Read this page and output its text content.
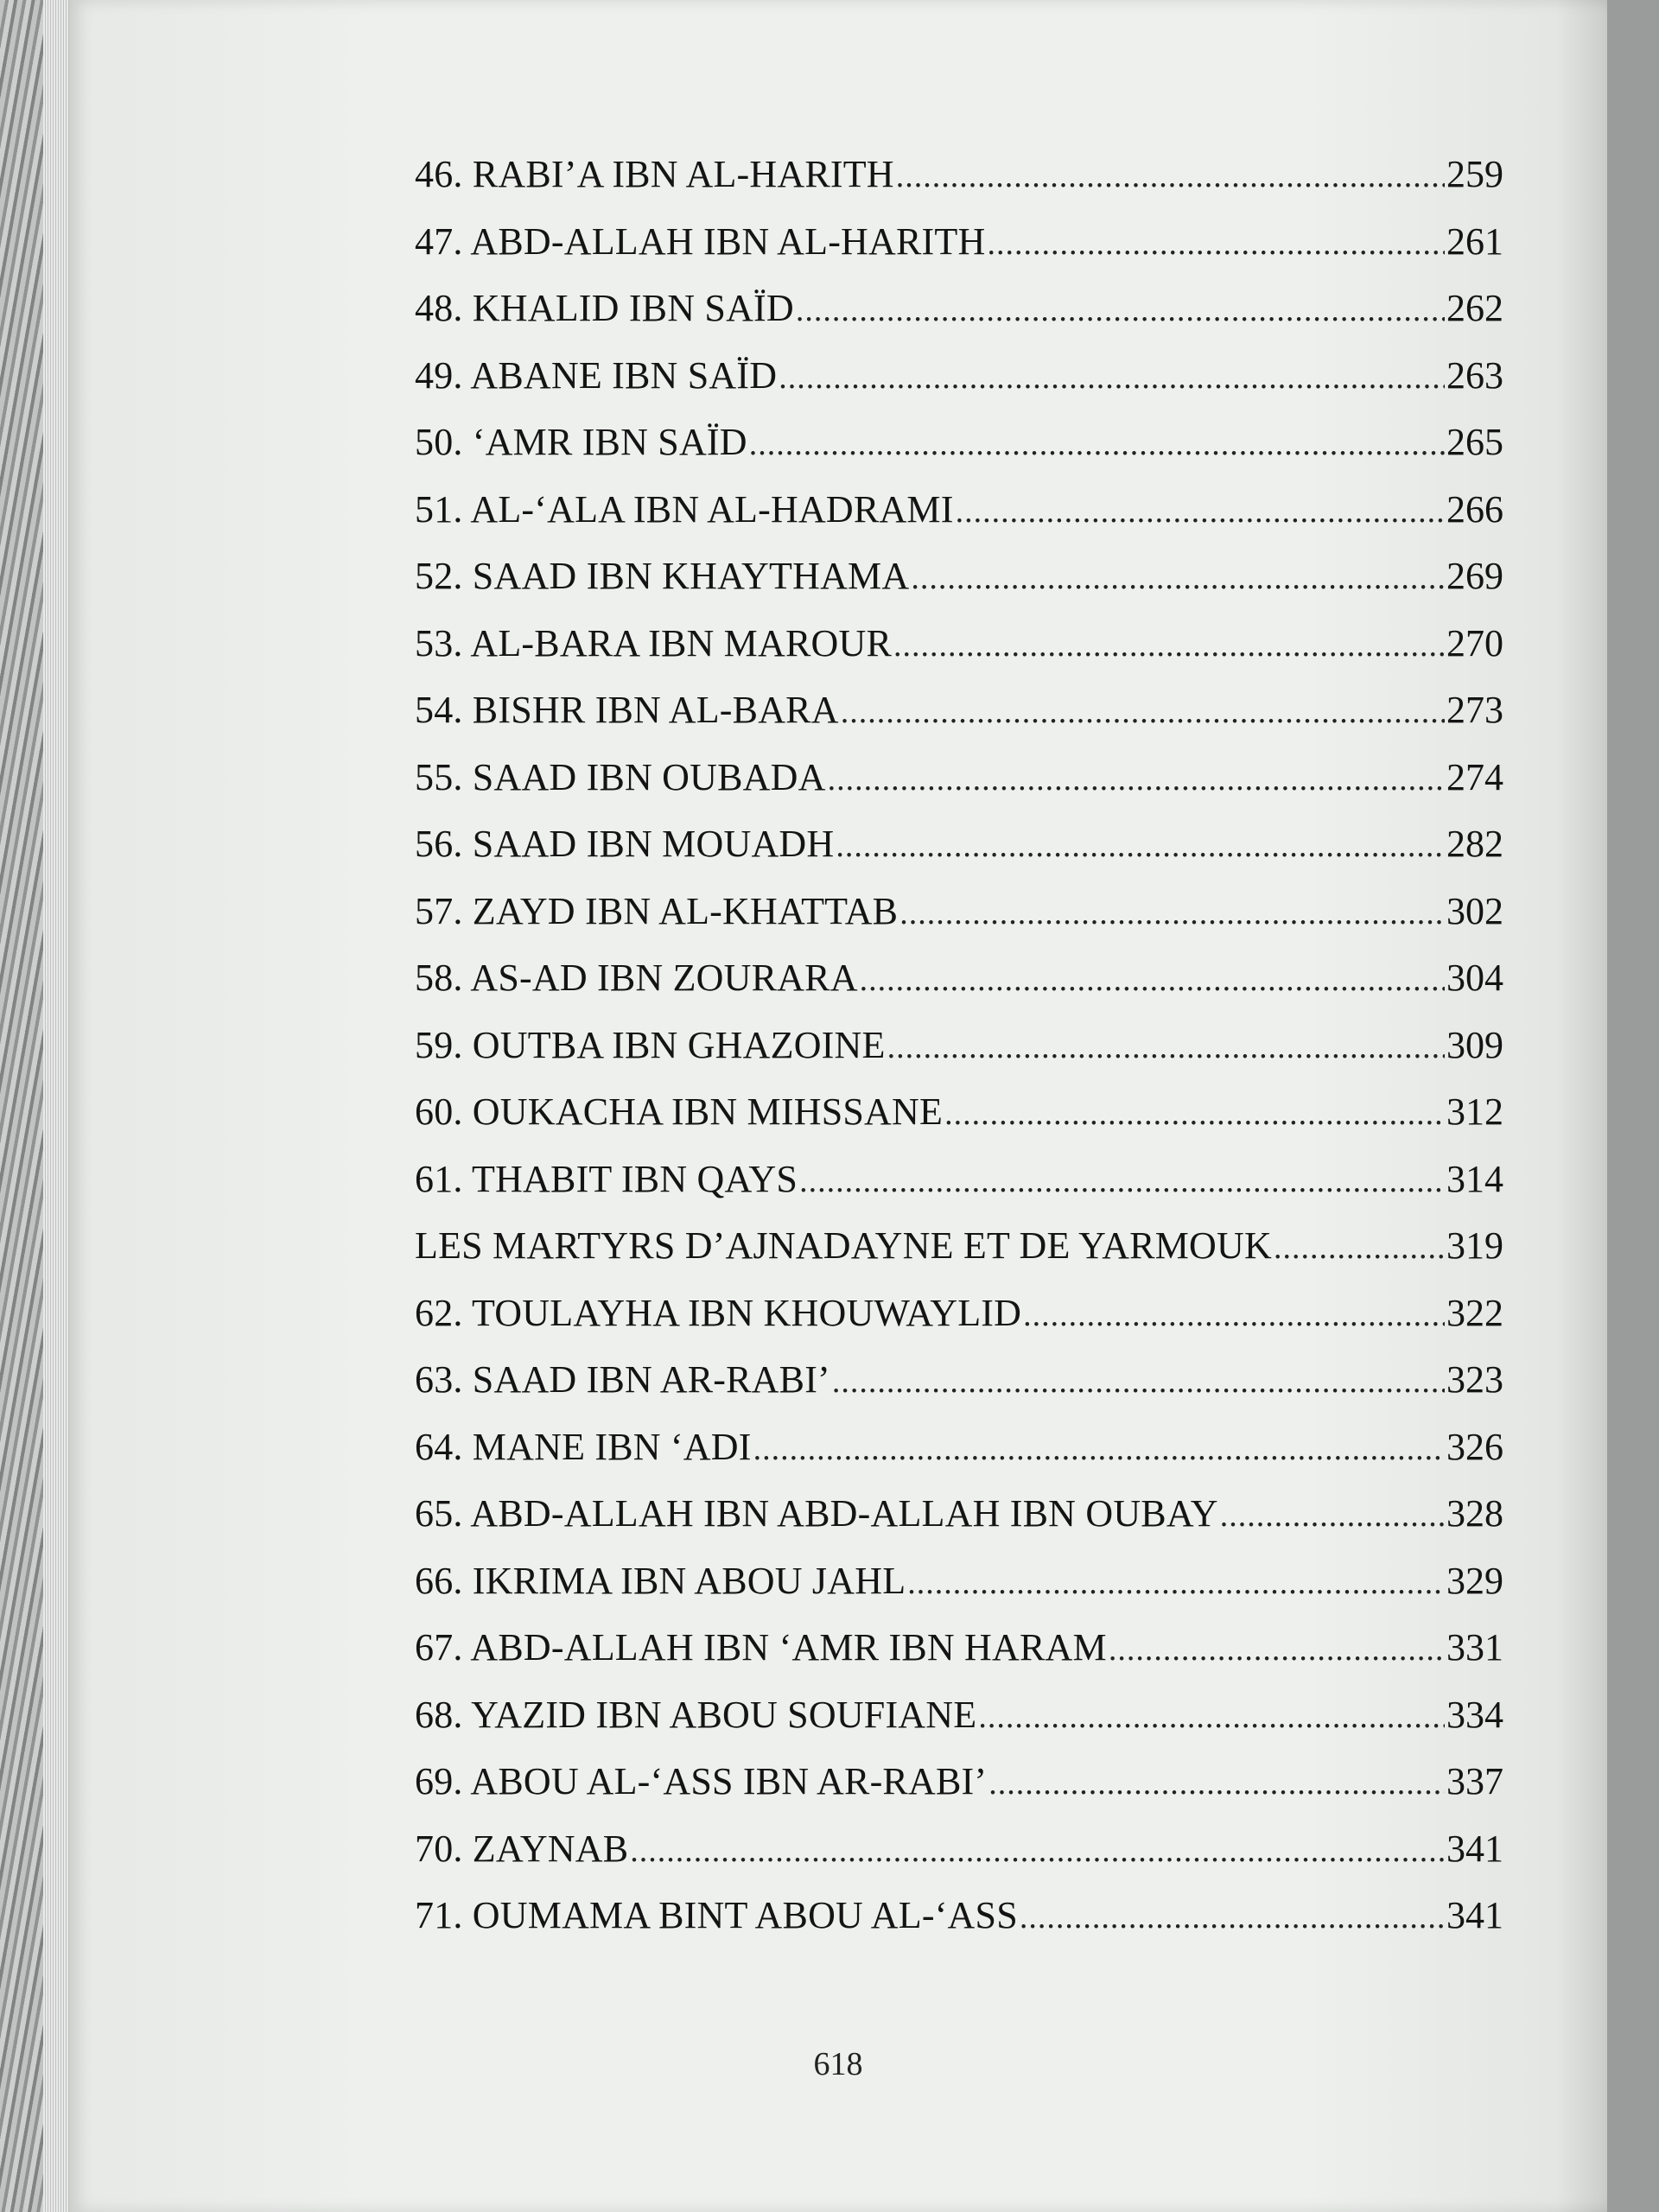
46. RABI’A IBN AL-HARITH .....	259
47. ABD-ALLAH IBN AL-HARITH .....	261
48. KHALID IBN SAÏD .....	262
49. ABANE IBN SAÏD .....	263
50. ‘AMR IBN SAÏD .....	265
51. AL-‘ALA IBN AL-HADRAMI .....	266
52. SAAD IBN KHAYTHAMA .....	269
53. AL-BARA IBN MAROUR .....	270
54. BISHR IBN AL-BARA .....	273
55. SAAD IBN OUBADA .....	274
56. SAAD IBN MOUADH .....	282
57. ZAYD IBN AL-KHATTAB .....	302
58. AS-AD IBN ZOURARA .....	304
59. OUTBA IBN GHAZOINE .....	309
60. OUKACHA IBN MIHSSANE .....	312
61. THABIT IBN QAYS .....	314
LES MARTYRS D’AJNADAYNE ET DE YARMOUK .....	319
62. TOULAYHA IBN KHOUWAYLID .....	322
63. SAAD IBN AR-RABI’ .....	323
64. MANE IBN ‘ADI .....	326
65. ABD-ALLAH IBN ABD-ALLAH IBN OUBAY .....	328
66. IKRIMA IBN ABOU JAHL .....	329
67. ABD-ALLAH IBN ‘AMR IBN HARAM .....	331
68. YAZID IBN ABOU SOUFIANE .....	334
69. ABOU AL-‘ASS IBN AR-RABI’ .....	337
70. ZAYNAB .....	341
71. OUMAMA BINT ABOU AL-‘ASS .....	341
618
